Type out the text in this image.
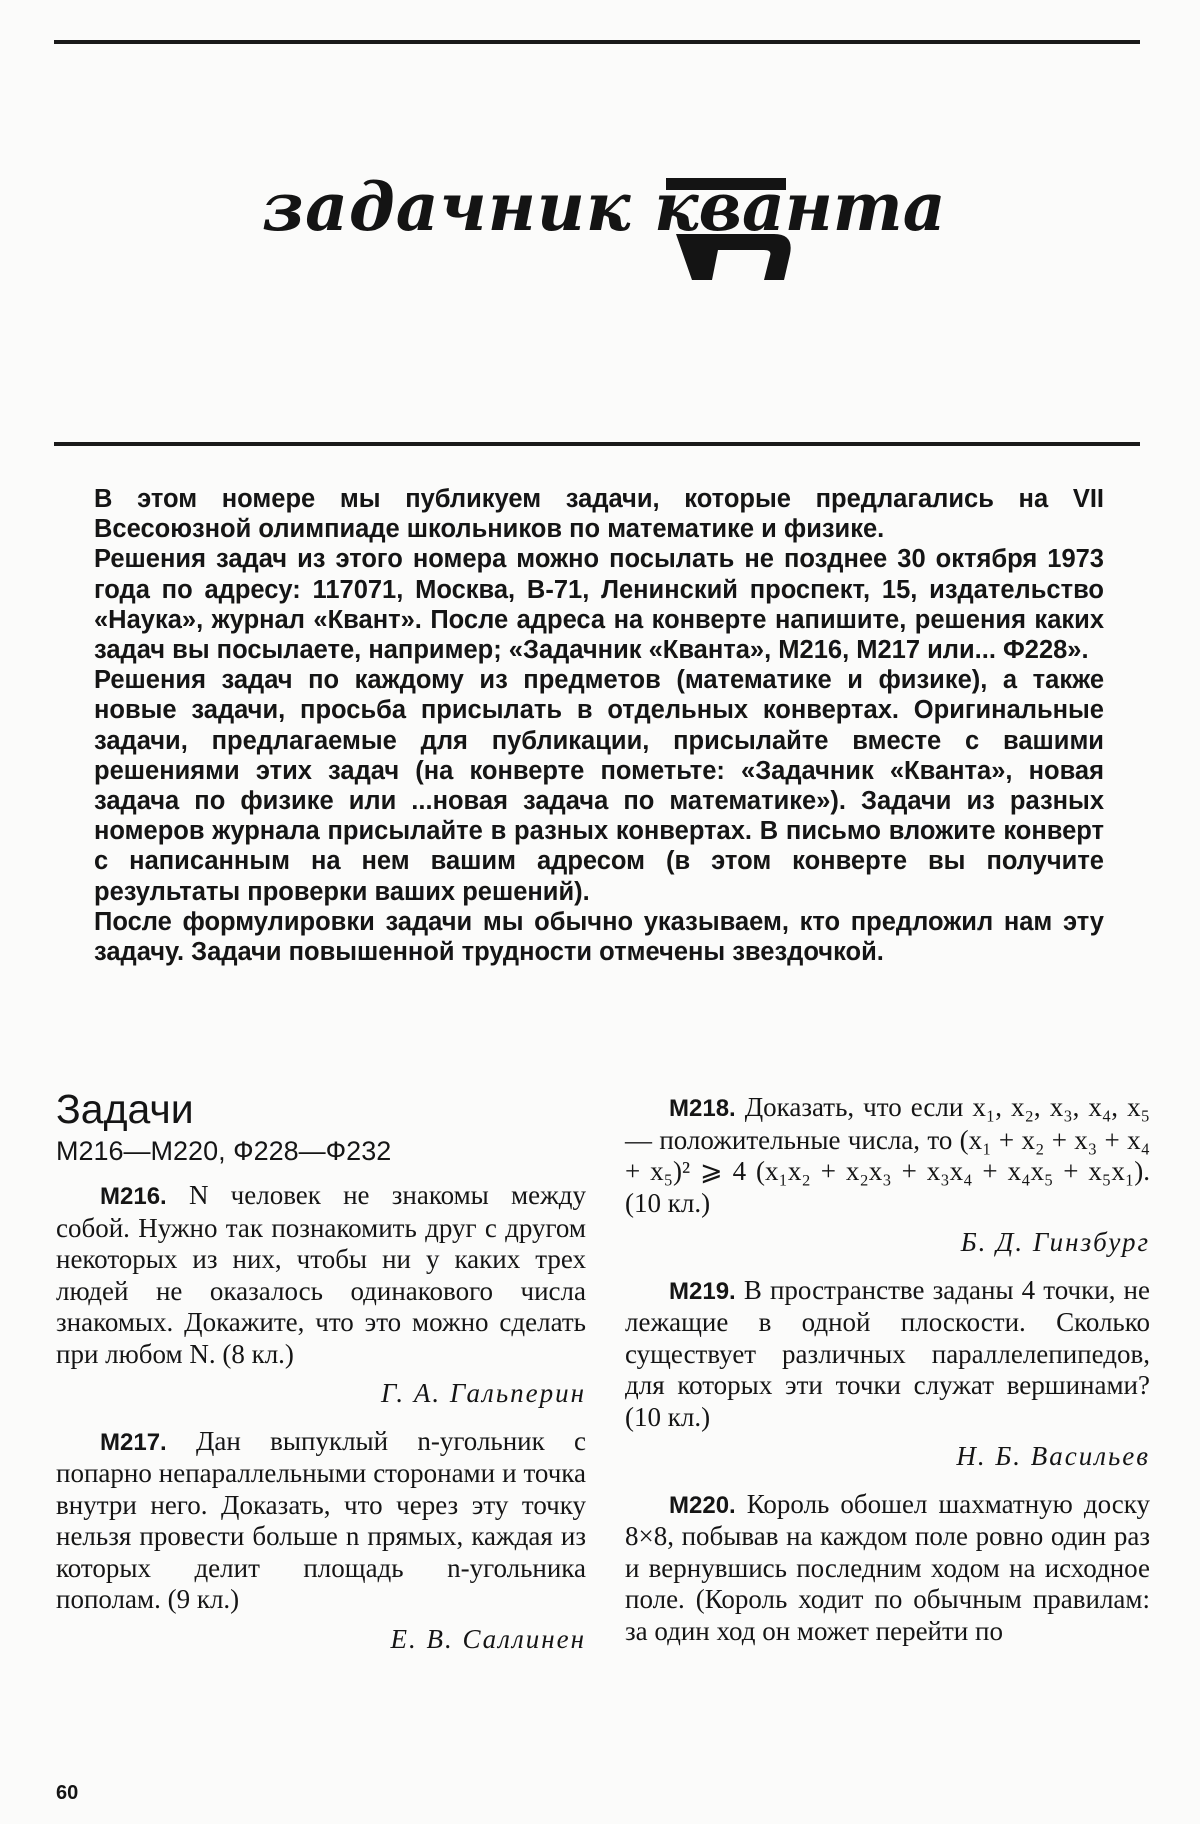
задачник кванта

В этом номере мы публикуем задачи, которые предлагались на VII Всесоюзной олимпиаде школьников по математике и физике.

Решения задач из этого номера можно посылать не позднее 30 октября 1973 года по адресу: 117071, Москва, В-71, Ленинский проспект, 15, издательство «Наука», журнал «Квант». После адреса на конверте напишите, решения каких задач вы посылаете, например; «Задачник «Кванта», М216, М217 или... Ф228».

Решения задач по каждому из предметов (математике и физике), а также новые задачи, просьба присылать в отдельных конвертах. Оригинальные задачи, предлагаемые для публикации, присылайте вместе с вашими решениями этих задач (на конверте пометьте: «Задачник «Кванта», новая задача по физике или ...новая задача по математике»). Задачи из разных номеров журнала присылайте в разных конвертах. В письмо вложите конверт с написанным на нем вашим адресом (в этом конверте вы получите результаты проверки ваших решений).

После формулировки задачи мы обычно указываем, кто предложил нам эту задачу. Задачи повышенной трудности отмечены звездочкой.

Задачи
М216—М220, Ф228—Ф232

М216. N человек не знакомы между собой. Нужно так познакомить друг с другом некоторых из них, чтобы ни у каких трех людей не оказалось одинакового числа знакомых. Докажите, что это можно сделать при любом N. (8 кл.)

Г. А. Гальперин

М217. Дан выпуклый n-угольник с попарно непараллельными сторонами и точка внутри него. Доказать, что через эту точку нельзя провести больше n прямых, каждая из которых делит площадь n-угольника пополам. (9 кл.)

Е. В. Саллинен

М218. Доказать, что если x₁, x₂, x₃, x₄, x₅ — положительные числа, то (x₁ + x₂ + x₃ + x₄ + x₅)² ⩾ 4 (x₁x₂ + x₂x₃ + x₃x₄ + x₄x₅ + x₅x₁). (10 кл.)

Б. Д. Гинзбург

М219. В пространстве заданы 4 точки, не лежащие в одной плоскости. Сколько существует различных параллелепипедов, для которых эти точки служат вершинами? (10 кл.)

Н. Б. Васильев

М220. Король обошел шахматную доску 8×8, побывав на каждом поле ровно один раз и вернувшись последним ходом на исходное поле. (Король ходит по обычным правилам: за один ход он может перейти по

60
